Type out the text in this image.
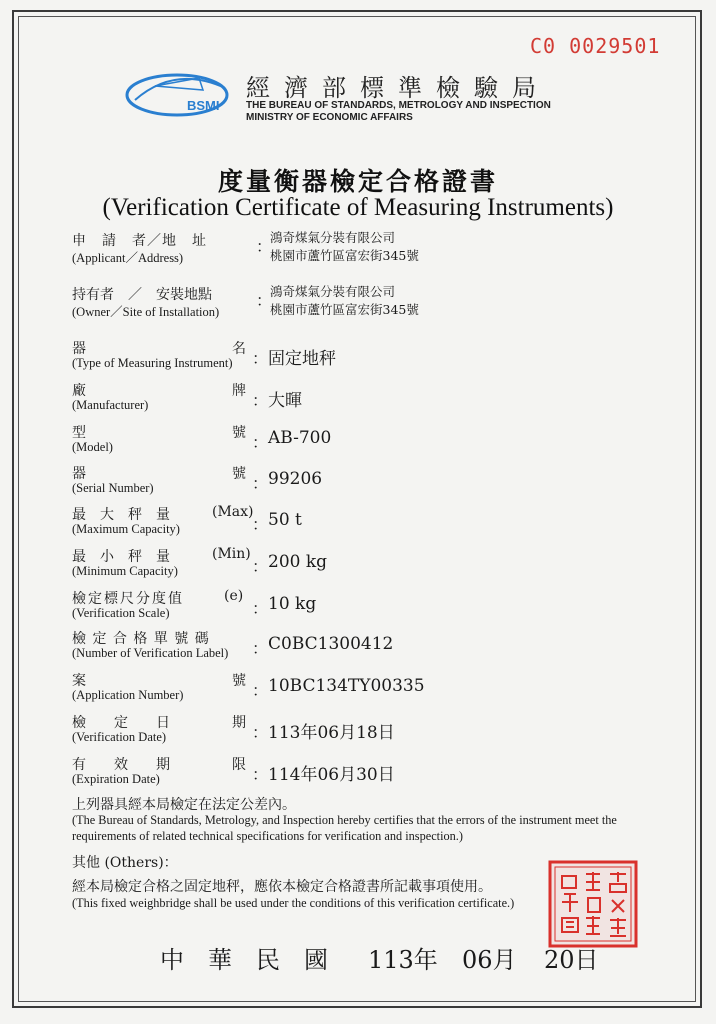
C0 0029501
BSMI
經濟部標準檢驗局
THE BUREAU OF STANDARDS, METROLOGY AND INSPECTION
MINISTRY OF ECONOMIC AFFAIRS
度量衡器檢定合格證書
(Verification Certificate of Measuring Instruments)
申　請　者／地　址
(Applicant／Address)
：
鴻奇煤氣分裝有限公司
桃園市蘆竹區富宏街345號
持有者　／　安裝地點
(Owner／Site of Installation)
：
鴻奇煤氣分裝有限公司
桃園市蘆竹區富宏街345號
器	名
(Type of Measuring Instrument) ： 固定地秤
廠	牌
(Manufacturer)	： 大暉
型	號
(Model)	： AB-700
器	號
(Serial Number)	： 99206
最　大　秤　量	(Max)
(Maximum Capacity)	： 50 t
最　小　秤　量	(Min)
(Minimum Capacity)	： 200 kg
檢定標尺分度值	(e)
(Verification Scale)	： 10 kg
檢 定 合 格 單 號 碼
(Number of Verification Label) ： C0BC1300412
案	號
(Application Number)	： 10BC134TY00335
檢　　定　　日	期
(Verification Date)	： 113年06月18日
有　　效　　期	限
(Expiration Date)	： 114年06月30日
上列器具經本局檢定在法定公差內。
(The Bureau of Standards, Metrology, and Inspection hereby certifies that the errors of the instrument meet the requirements of related technical specifications for verification and inspection.)
其他 (Others)：
經本局檢定合格之固定地秤，應依本檢定合格證書所記載事項使用。
(This fixed weighbridge shall be used under the conditions of this verification certificate.)
中　華　民　國 113年 06月 20日
